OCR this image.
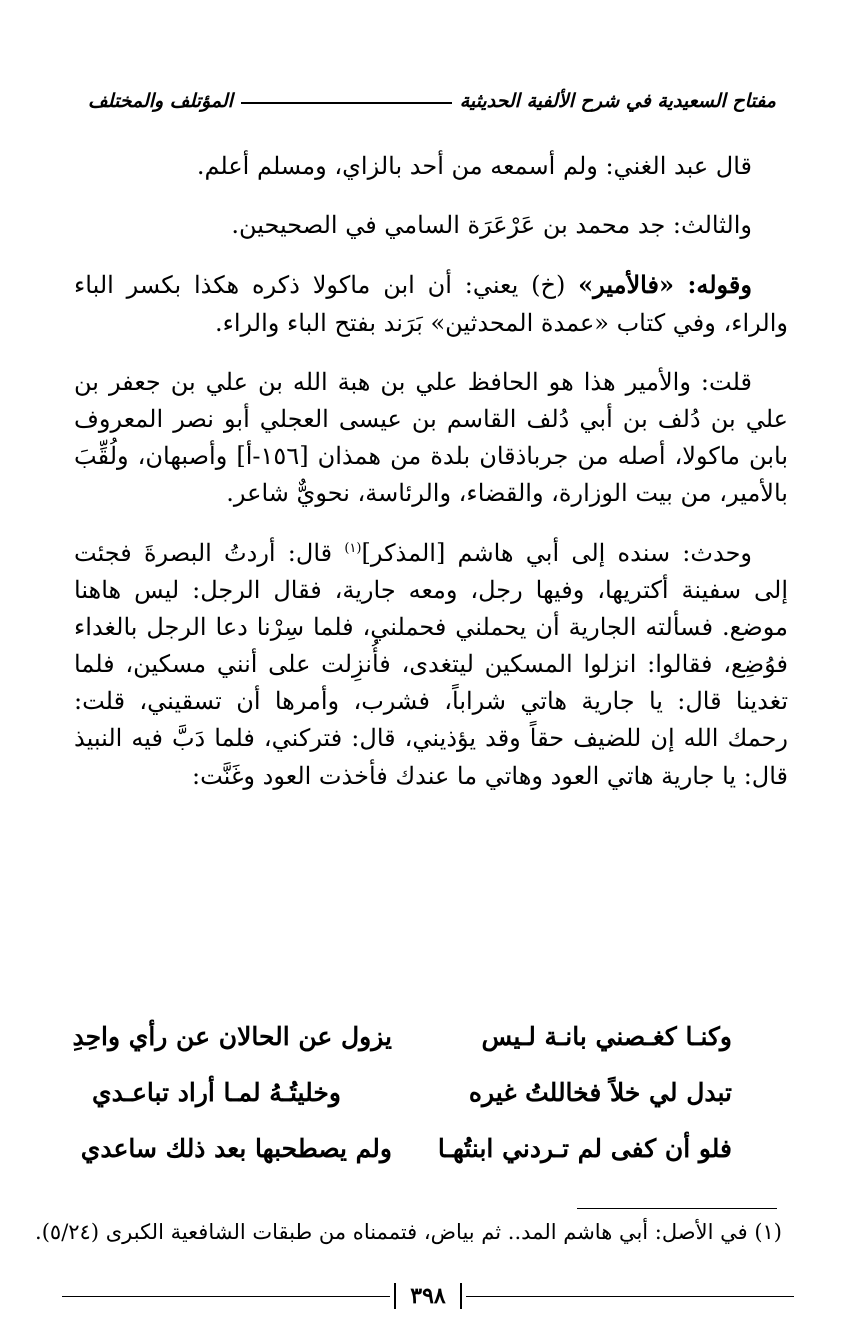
مفتاح السعيدية في شرح الألفية الحديثية
المؤتلف والمختلف

قال عبد الغني: ولم أسمعه من أحد بالزاي، ومسلم أعلم.

والثالث: جد محمد بن عَرْعَرَة السامي في الصحيحين.

وقوله: «فالأمير» (خ) يعني: أن ابن ماكولا ذكره هكذا بكسر الباء والراء، وفي كتاب «عمدة المحدثين» بَرَند بفتح الباء والراء.

قلت: والأمير هذا هو الحافظ علي بن هبة الله بن علي بن جعفر بن علي بن دُلف بن أبي دُلف القاسم بن عيسى العجلي أبو نصر المعروف بابن ماكولا، أصله من جرباذقان بلدة من همذان [١٥٦-أ] وأصبهان، ولُقِّبَ بالأمير، من بيت الوزارة، والقضاء، والرئاسة، نحويٌّ شاعر.

وحدث: سنده إلى أبي هاشم [المذكر]$^{(١)}$ قال: أردتُ البصرةَ فجئت إلى سفينة أكتريها، وفيها رجل، ومعه جارية، فقال الرجل: ليس هاهنا موضع. فسألته الجارية أن يحملني فحملني، فلما سِرْنا دعا الرجل بالغداء فوُضِع، فقالوا: انزلوا المسكين ليتغدى، فأُنزِلت على أنني مسكين، فلما تغدينا قال: يا جارية هاتي شراباً، فشرب، وأمرها أن تسقيني، قلت: رحمك الله إن للضيف حقاً وقد يؤذيني، قال: فتركني، فلما دَبَّ فيه النبيذ قال: يا جارية هاتي العود وهاتي ما عندك فأخذت العود وغَنَّت:

وكنـا كغـصني بانـة لـيس
يزول عن الحالان عن رأي واحِدِ
تبدل لي خلاً فخاللتُ غيره
وخليتُـهُ لمـا أراد تباعـدي
فلو أن كفى لم تـردني ابنتُهـا
ولم يصطحبها بعد ذلك ساعدي
(١) في الأصل: أبي هاشم المد.. ثم بياض، فتممناه من طبقات الشافعية الكبرى (٥/٢٤).
٣٩٨
